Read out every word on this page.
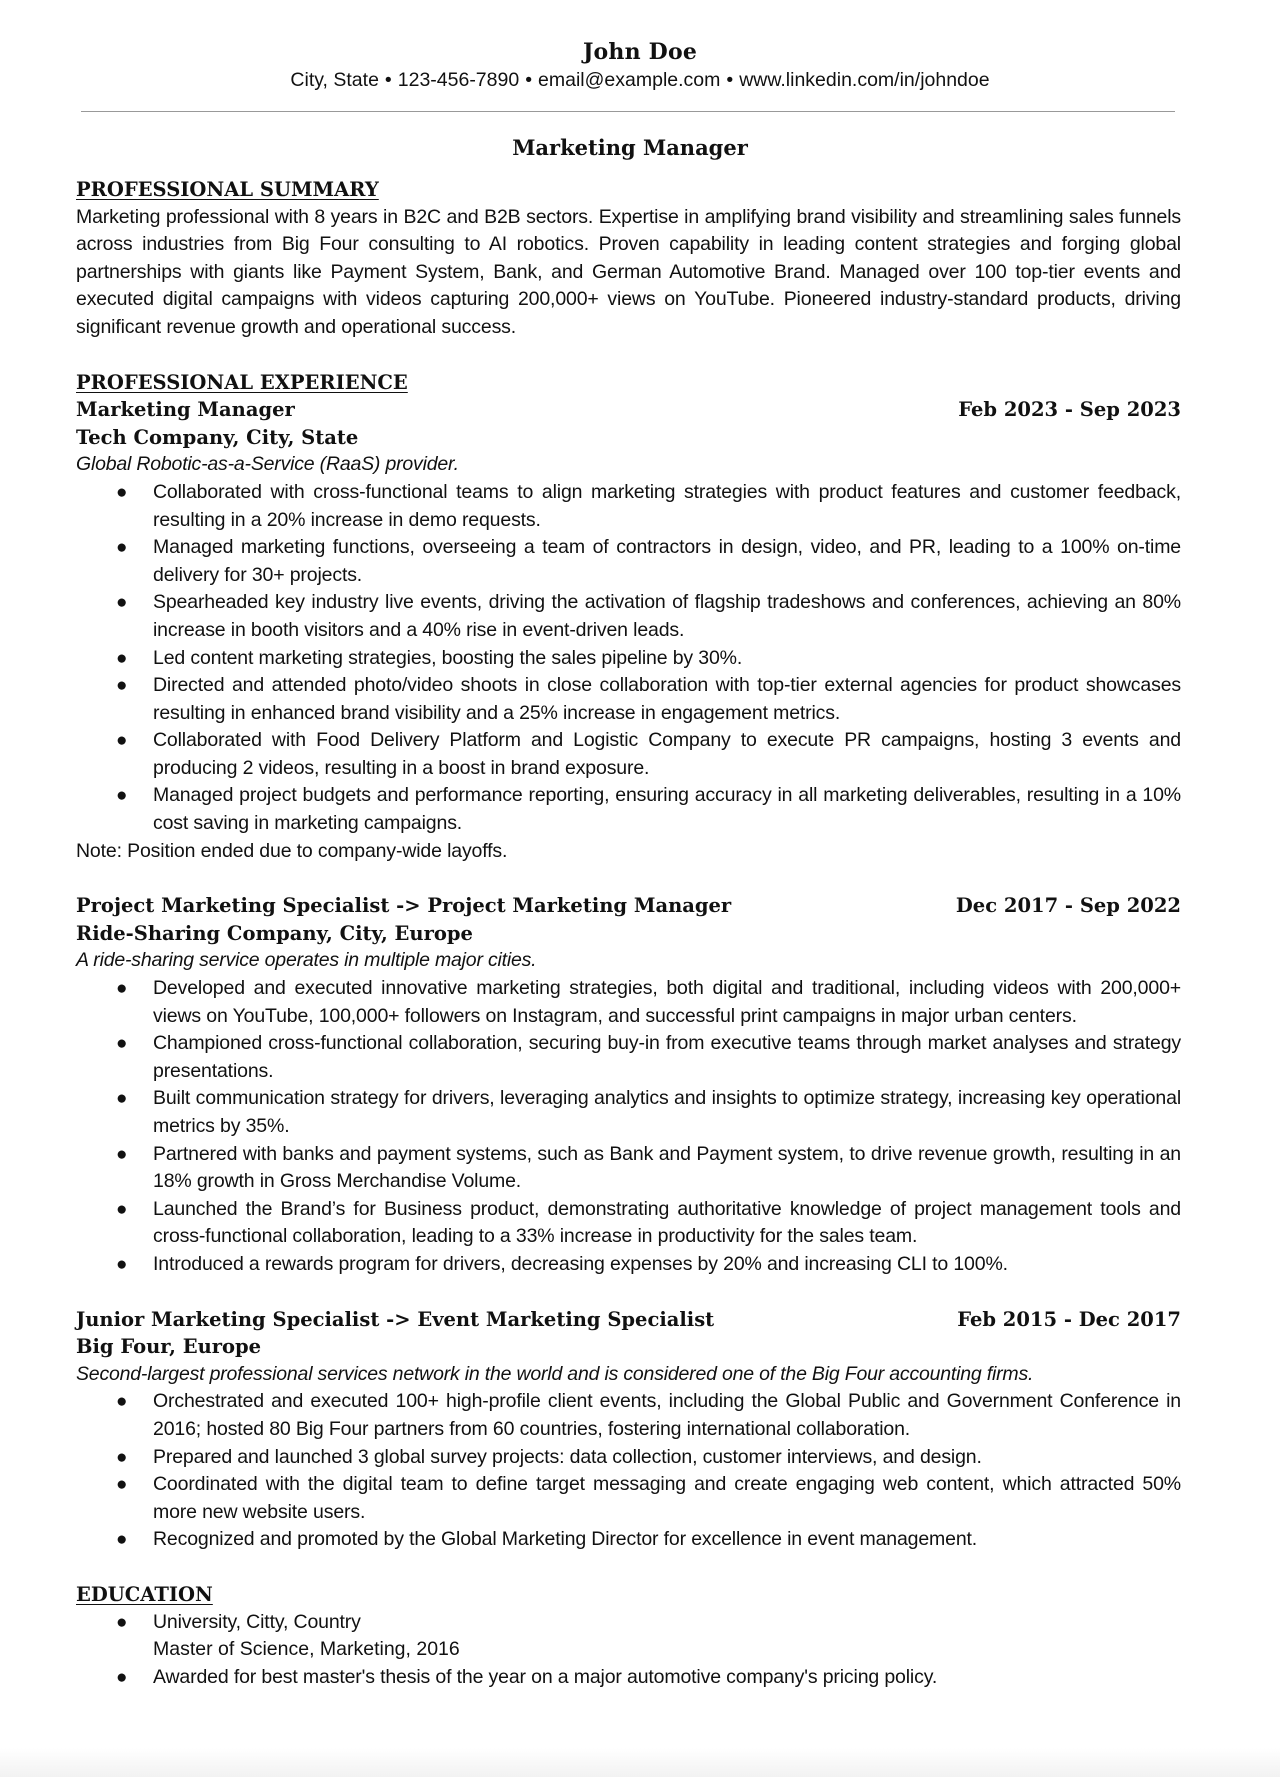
John Doe
City, State • 123-456-7890 • email@example.com • www.linkedin.com/in/johndoe
Marketing Manager
PROFESSIONAL SUMMARY

Marketing professional with 8 years in B2C and B2B sectors. Expertise in amplifying brand visibility and streamlining sales funnels across industries from Big Four consulting to AI robotics. Proven capability in leading content strategies and forging global partnerships with giants like Payment System, Bank, and German Automotive Brand. Managed over 100 top-tier events and executed digital campaigns with videos capturing 200,000+ views on YouTube. Pioneered industry-standard products, driving significant revenue growth and operational success.

PROFESSIONAL EXPERIENCE
Marketing Manager	Feb 2023 - Sep 2023
Tech Company, City, State
Global Robotic-as-a-Service (RaaS) provider.
● Collaborated with cross-functional teams to align marketing strategies with product features and customer feedback, resulting in a 20% increase in demo requests.
● Managed marketing functions, overseeing a team of contractors in design, video, and PR, leading to a 100% on-time delivery for 30+ projects.
● Spearheaded key industry live events, driving the activation of flagship tradeshows and conferences, achieving an 80% increase in booth visitors and a 40% rise in event-driven leads.
● Led content marketing strategies, boosting the sales pipeline by 30%.
● Directed and attended photo/video shoots in close collaboration with top-tier external agencies for product showcases resulting in enhanced brand visibility and a 25% increase in engagement metrics.
● Collaborated with Food Delivery Platform and Logistic Company to execute PR campaigns, hosting 3 events and producing 2 videos, resulting in a boost in brand exposure.
● Managed project budgets and performance reporting, ensuring accuracy in all marketing deliverables, resulting in a 10% cost saving in marketing campaigns.
Note: Position ended due to company-wide layoffs.
Project Marketing Specialist -> Project Marketing Manager	Dec 2017 - Sep 2022
Ride-Sharing Company, City, Europe
A ride-sharing service operates in multiple major cities.
● Developed and executed innovative marketing strategies, both digital and traditional, including videos with 200,000+ views on YouTube, 100,000+ followers on Instagram, and successful print campaigns in major urban centers.
● Championed cross-functional collaboration, securing buy-in from executive teams through market analyses and strategy presentations.
● Built communication strategy for drivers, leveraging analytics and insights to optimize strategy, increasing key operational metrics by 35%.
● Partnered with banks and payment systems, such as Bank and Payment system, to drive revenue growth, resulting in an 18% growth in Gross Merchandise Volume.
● Launched the Brand’s for Business product, demonstrating authoritative knowledge of project management tools and cross-functional collaboration, leading to a 33% increase in productivity for the sales team.
● Introduced a rewards program for drivers, decreasing expenses by 20% and increasing CLI to 100%.
Junior Marketing Specialist -> Event Marketing Specialist	Feb 2015 - Dec 2017
Big Four, Europe
Second-largest professional services network in the world and is considered one of the Big Four accounting firms.
● Orchestrated and executed 100+ high-profile client events, including the Global Public and Government Conference in 2016; hosted 80 Big Four partners from 60 countries, fostering international collaboration.
● Prepared and launched 3 global survey projects: data collection, customer interviews, and design.
● Coordinated with the digital team to define target messaging and create engaging web content, which attracted 50% more new website users.
● Recognized and promoted by the Global Marketing Director for excellence in event management.
EDUCATION
● University, Citty, Country
Master of Science, Marketing, 2016
● Awarded for best master's thesis of the year on a major automotive company's pricing policy.
